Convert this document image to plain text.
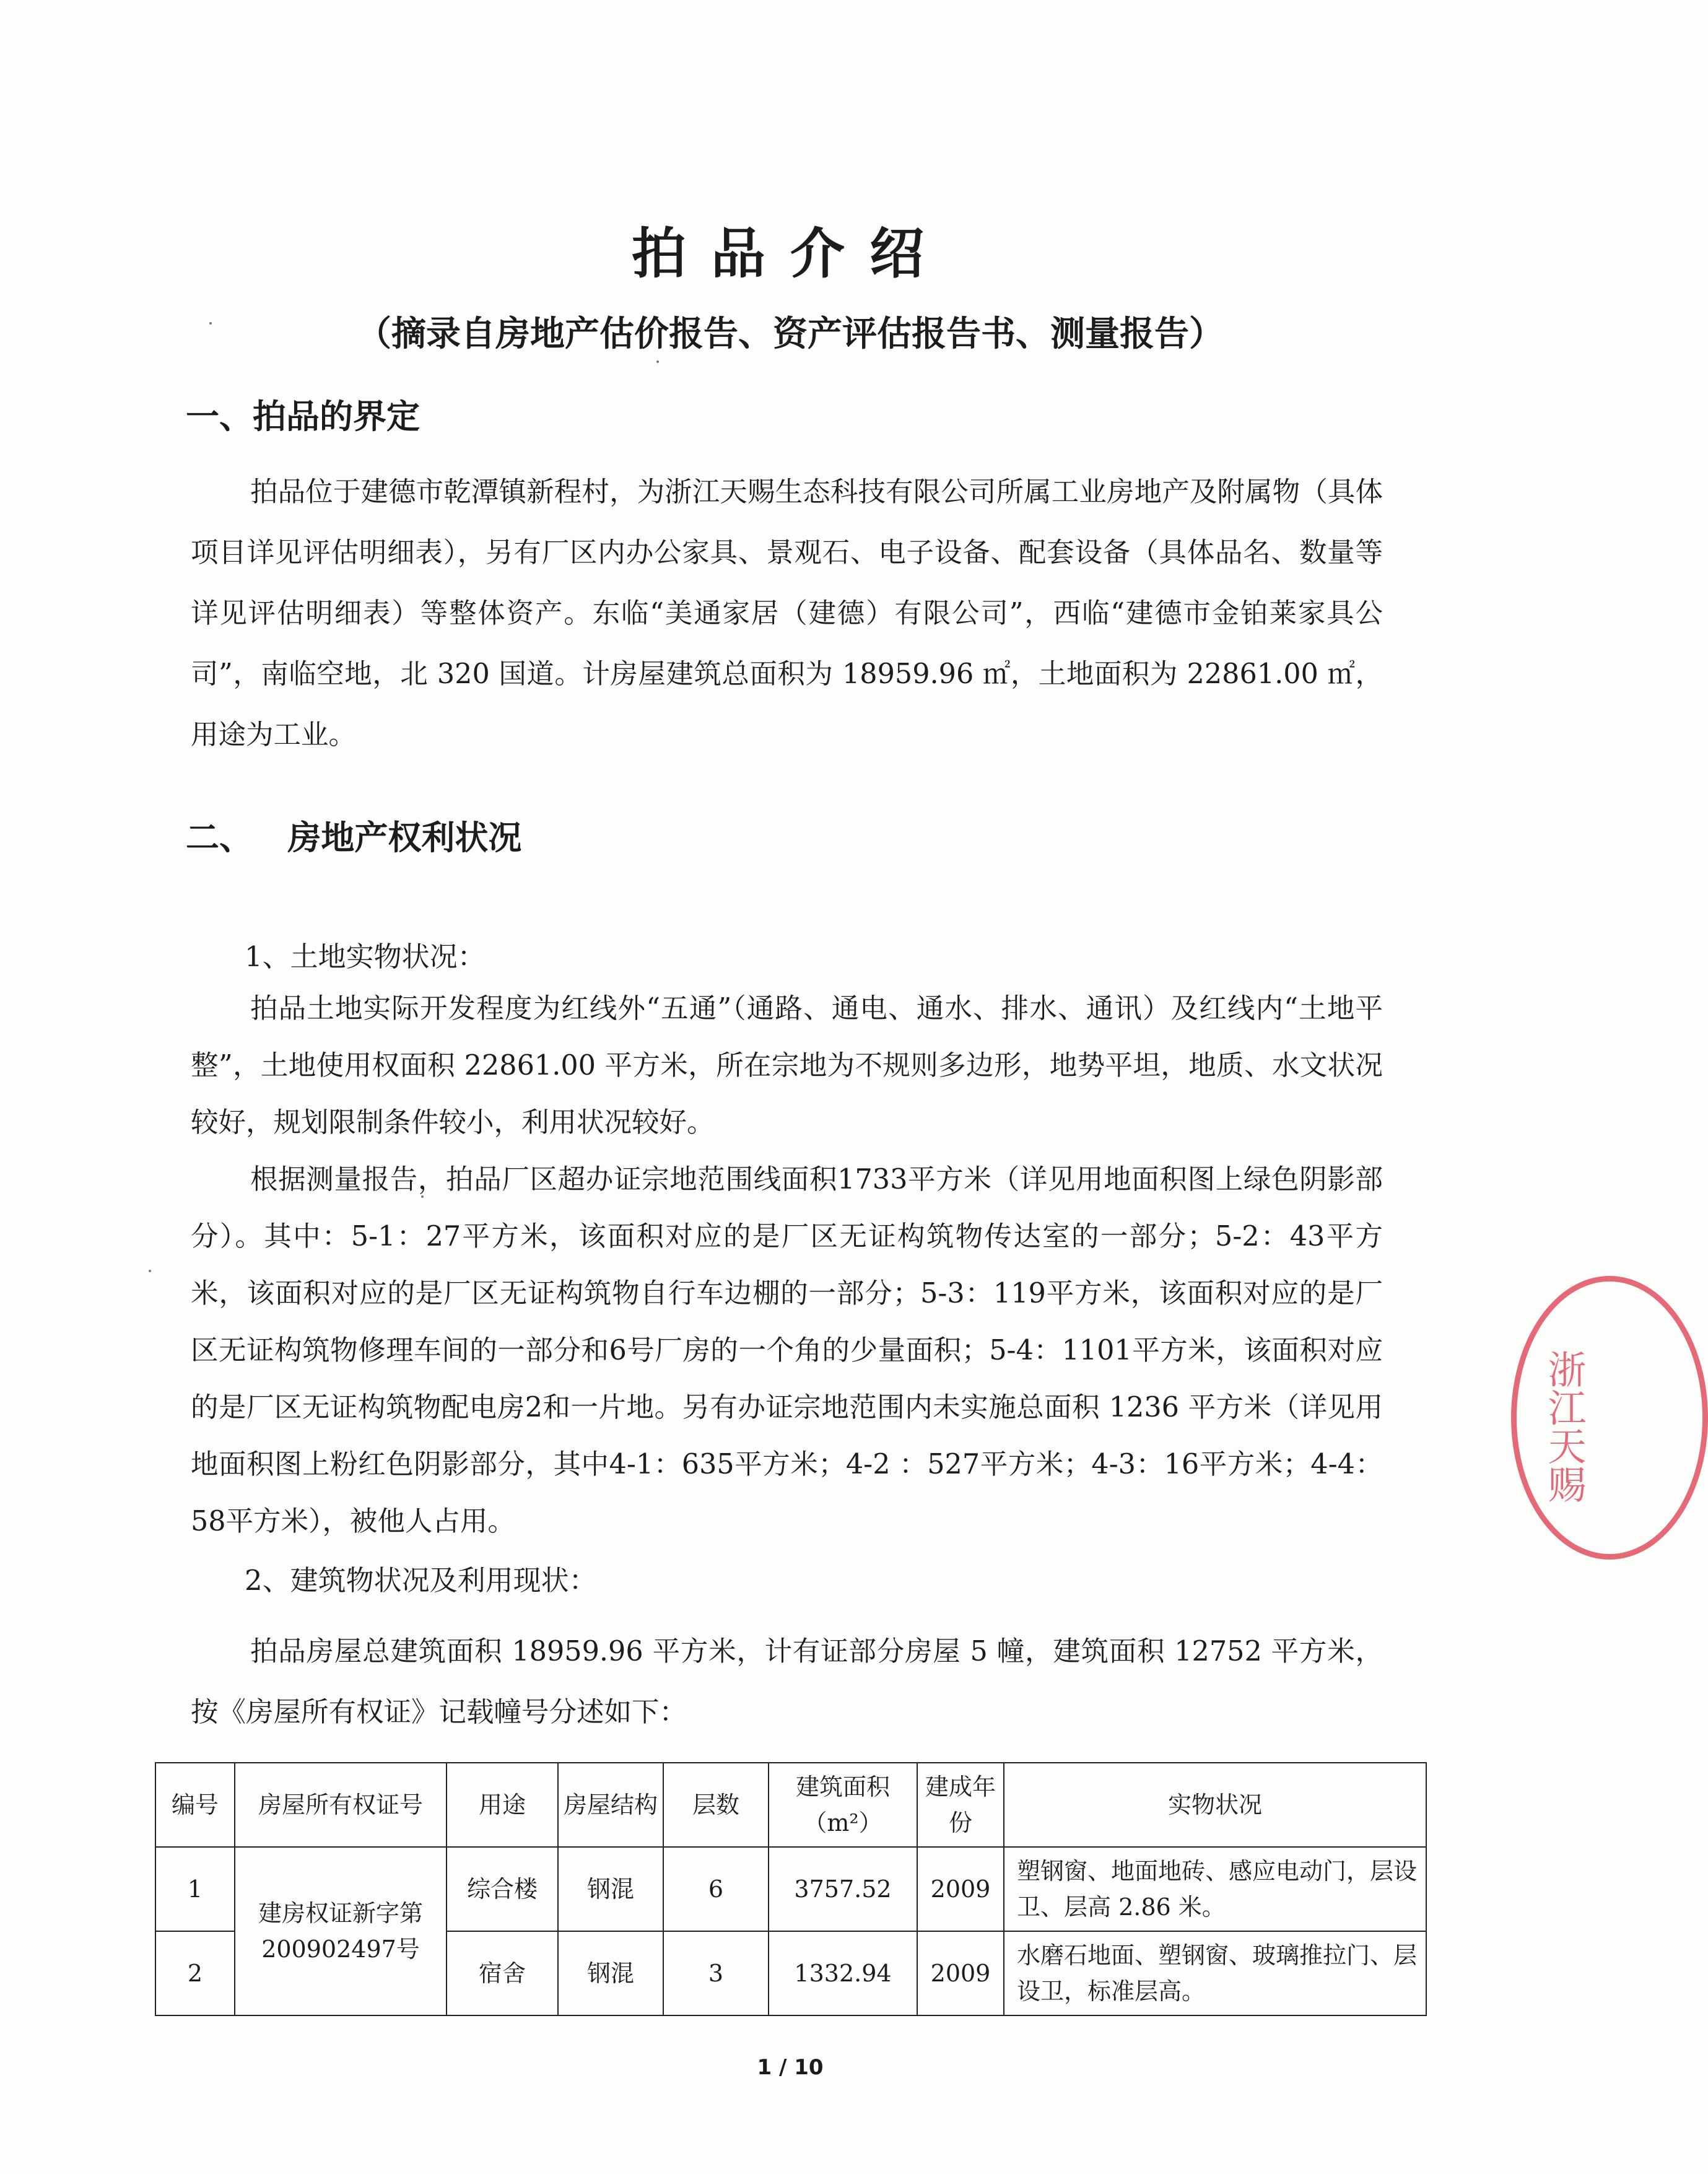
拍品介绍
（摘录自房地产估价报告、资产评估报告书、测量报告）
一、拍品的界定

拍品位于建德市乾潭镇新程村，为浙江天赐生态科技有限公司所属工业房地产及附属物（具体项目详见评估明细表），另有厂区内办公家具、景观石、电子设备、配套设备（具体品名、数量等详见评估明细表）等整体资产。东临“美通家居（建德）有限公司”，西临“建德市金铂莱家具公司”，南临空地，北 320 国道。计房屋建筑总面积为 18959.96 ㎡，土地面积为 22861.00 ㎡，用途为工业。

二、   房地产权利状况

1、土地实物状况：

拍品土地实际开发程度为红线外“五通”（通路、通电、通水、排水、通讯）及红线内“土地平整”，土地使用权面积 22861.00 平方米，所在宗地为不规则多边形，地势平坦，地质、水文状况较好，规划限制条件较小，利用状况较好。

根据测量报告，拍品厂区超办证宗地范围线面积1733平方米（详见用地面积图上绿色阴影部分）。其中：5-1：27平方米，该面积对应的是厂区无证构筑物传达室的一部分；5-2：43平方米，该面积对应的是厂区无证构筑物自行车边棚的一部分；5-3：119平方米，该面积对应的是厂区无证构筑物修理车间的一部分和6号厂房的一个角的少量面积；5-4：1101平方米，该面积对应的是厂区无证构筑物配电房2和一片地。另有办证宗地范围内未实施总面积 1236 平方米（详见用地面积图上粉红色阴影部分，其中4-1：635平方米；4-2 ：527平方米；4-3：16平方米；4-4：58平方米），被他人占用。

2、建筑物状况及利用现状：

拍品房屋总建筑面积 18959.96 平方米，计有证部分房屋 5 幢，建筑面积 12752 平方米，按《房屋所有权证》记载幢号分述如下：

编号	房屋所有权证号	用途	房屋结构	层数	建筑面积（m²）	建成年份	实物状况
1	建房权证新字第200902497号	综合楼	钢混	6	3757.52	2009	塑钢窗、地面地砖、感应电动门，层设卫、层高 2.86 米。
2		宿舍	钢混	3	1332.94	2009	水磨石地面、塑钢窗、玻璃推拉门、层设卫，标准层高。
浙江天赐

1 / 10
